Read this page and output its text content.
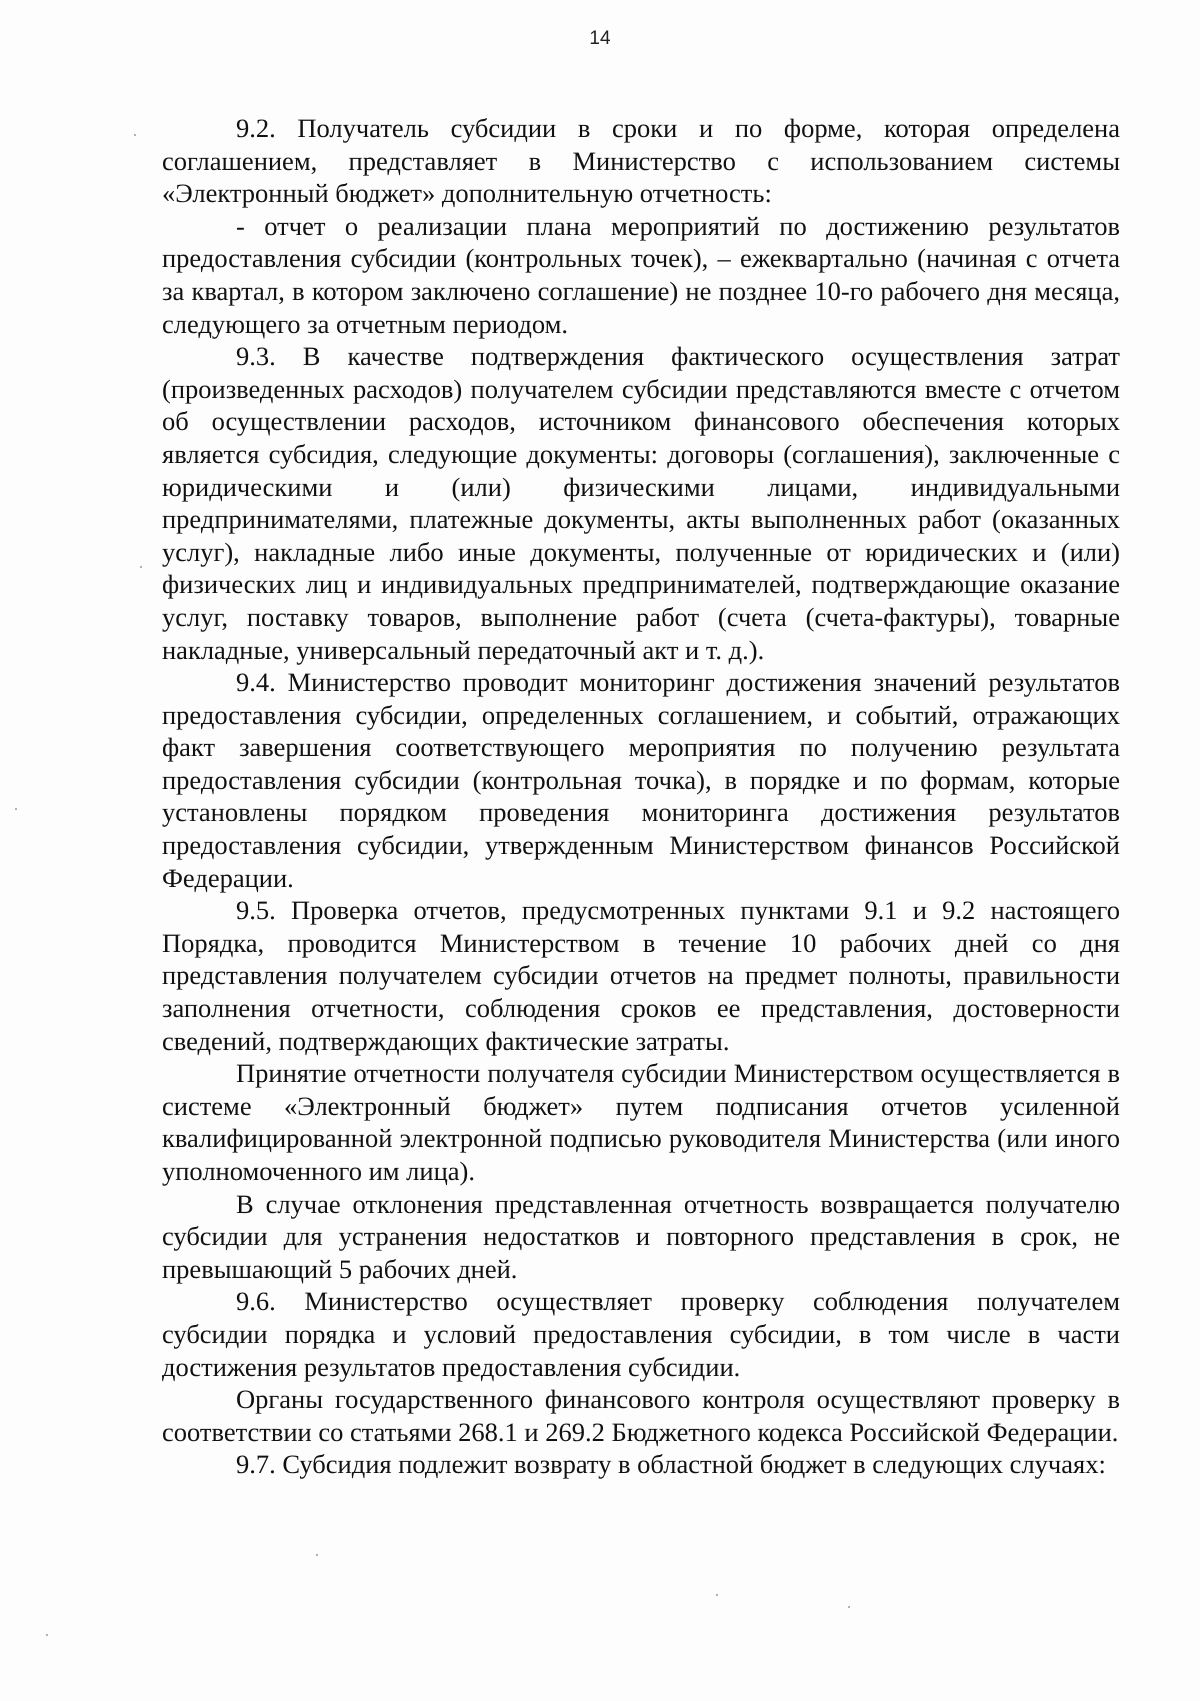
14

9.2. Получатель субсидии в сроки и по форме, которая определена соглашением, представляет в Министерство с использованием системы «Электронный бюджет» дополнительную отчетность:

- отчет о реализации плана мероприятий по достижению результатов предоставления субсидии (контрольных точек), – ежеквартально (начиная с отчета за квартал, в котором заключено соглашение) не позднее 10-го рабочего дня месяца, следующего за отчетным периодом.

9.3. В качестве подтверждения фактического осуществления затрат (произведенных расходов) получателем субсидии представляются вместе с отчетом об осуществлении расходов, источником финансового обеспечения которых является субсидия, следующие документы: договоры (соглашения), заключенные с юридическими и (или) физическими лицами, индивидуальными предпринимателями, платежные документы, акты выполненных работ (оказанных услуг), накладные либо иные документы, полученные от юридических и (или) физических лиц и индивидуальных предпринимателей, подтверждающие оказание услуг, поставку товаров, выполнение работ (счета (счета-фактуры), товарные накладные, универсальный передаточный акт и т. д.).

9.4. Министерство проводит мониторинг достижения значений результатов предоставления субсидии, определенных соглашением, и событий, отражающих факт завершения соответствующего мероприятия по получению результата предоставления субсидии (контрольная точка), в порядке и по формам, которые установлены порядком проведения мониторинга достижения результатов предоставления субсидии, утвержденным Министерством финансов Российской Федерации.

9.5. Проверка отчетов, предусмотренных пунктами 9.1 и 9.2 настоящего Порядка, проводится Министерством в течение 10 рабочих дней со дня представления получателем субсидии отчетов на предмет полноты, правильности заполнения отчетности, соблюдения сроков ее представления, достоверности сведений, подтверждающих фактические затраты.

Принятие отчетности получателя субсидии Министерством осуществляется в системе «Электронный бюджет» путем подписания отчетов усиленной квалифицированной электронной подписью руководителя Министерства (или иного уполномоченного им лица).

В случае отклонения представленная отчетность возвращается получателю субсидии для устранения недостатков и повторного представления в срок, не превышающий 5 рабочих дней.

9.6. Министерство осуществляет проверку соблюдения получателем субсидии порядка и условий предоставления субсидии, в том числе в части достижения результатов предоставления субсидии.

Органы государственного финансового контроля осуществляют проверку в соответствии со статьями 268.1 и 269.2 Бюджетного кодекса Российской Федерации.

9.7. Субсидия подлежит возврату в областной бюджет в следующих случаях:
